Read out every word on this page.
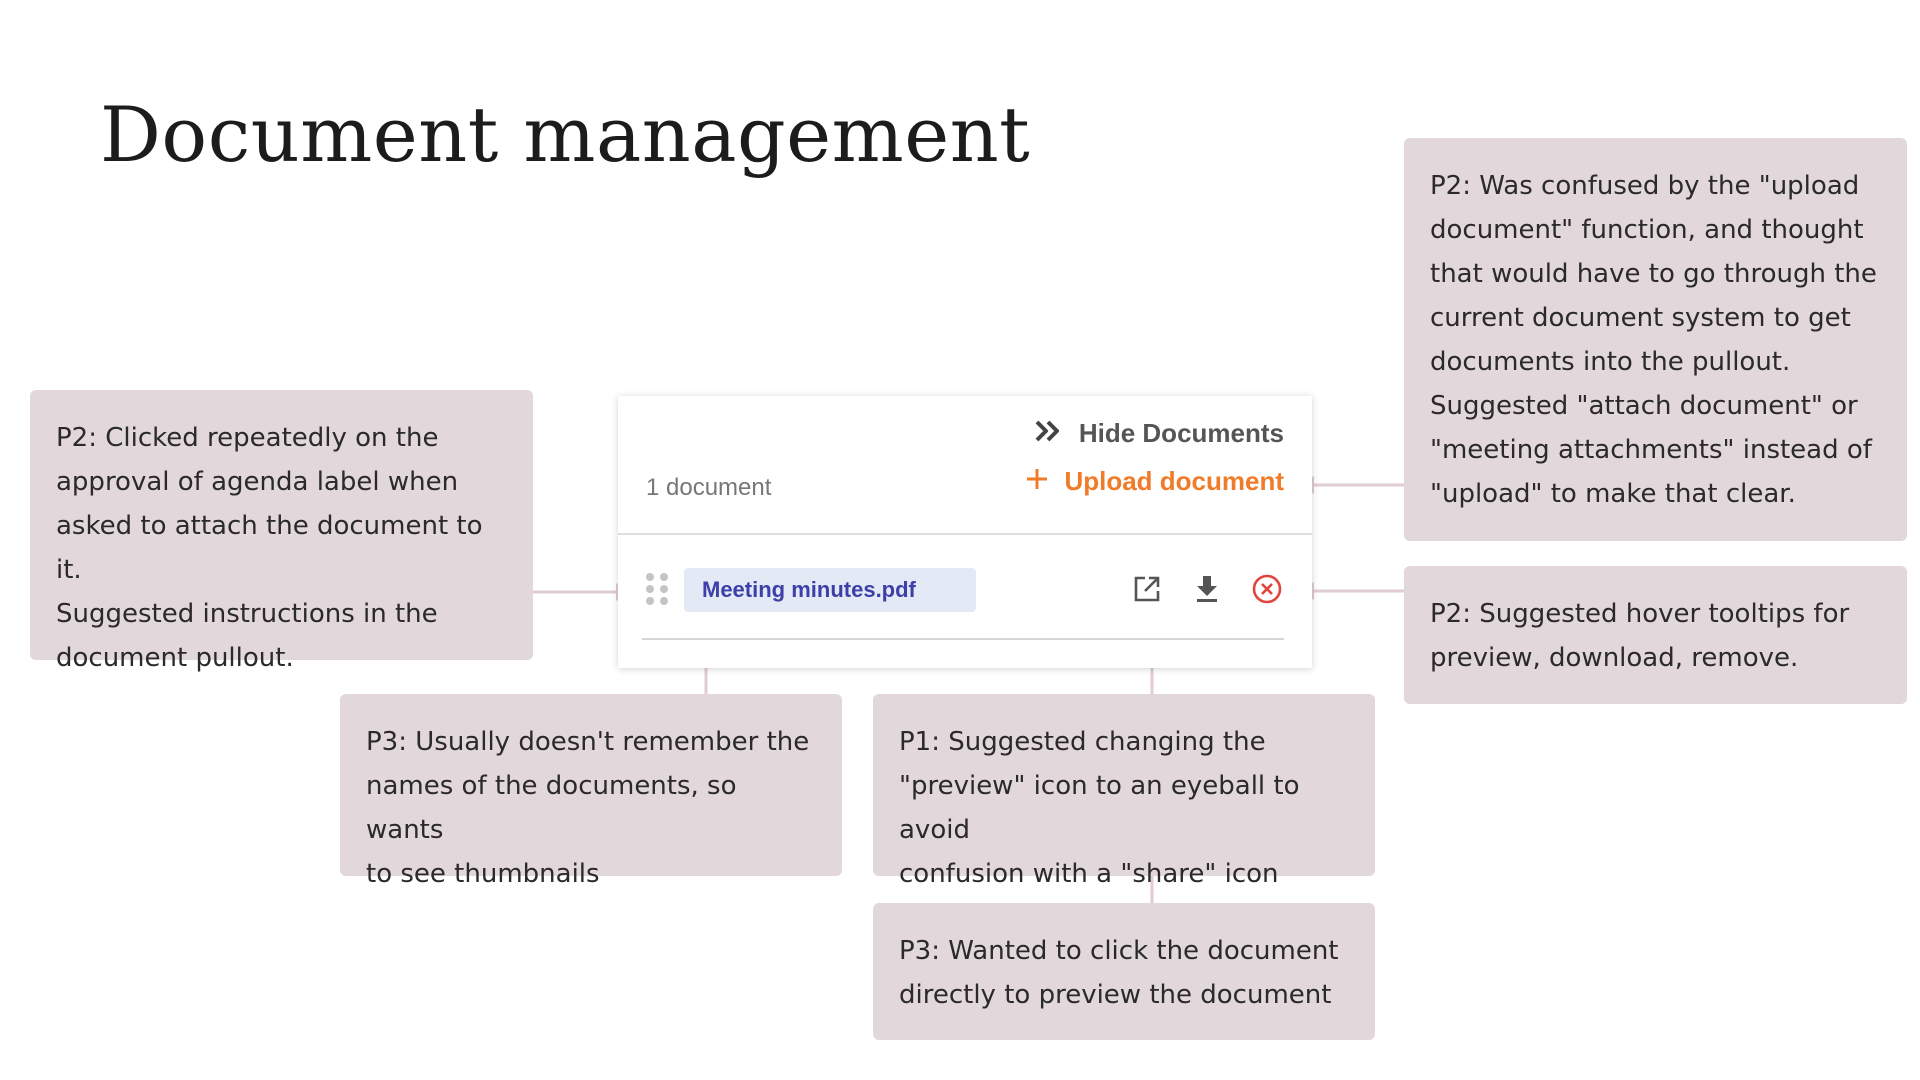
Document management
Hide Documents
1 document	Upload document
Meeting minutes.pdf
P2: Clicked repeatedly on the
approval of agenda label when
asked to attach the document to it.
Suggested instructions in the
document pullout.
P3: Usually doesn't remember the
names of the documents, so wants
to see thumbnails
P1: Suggested changing the
"preview" icon to an eyeball to avoid
confusion with a "share" icon
P3: Wanted to click the document
directly to preview the document
P2: Was confused by the "upload
document" function, and thought
that would have to go through the
current document system to get
documents into the pullout.
Suggested "attach document" or
"meeting attachments" instead of
"upload" to make that clear.
P2: Suggested hover tooltips for
preview, download, remove.
